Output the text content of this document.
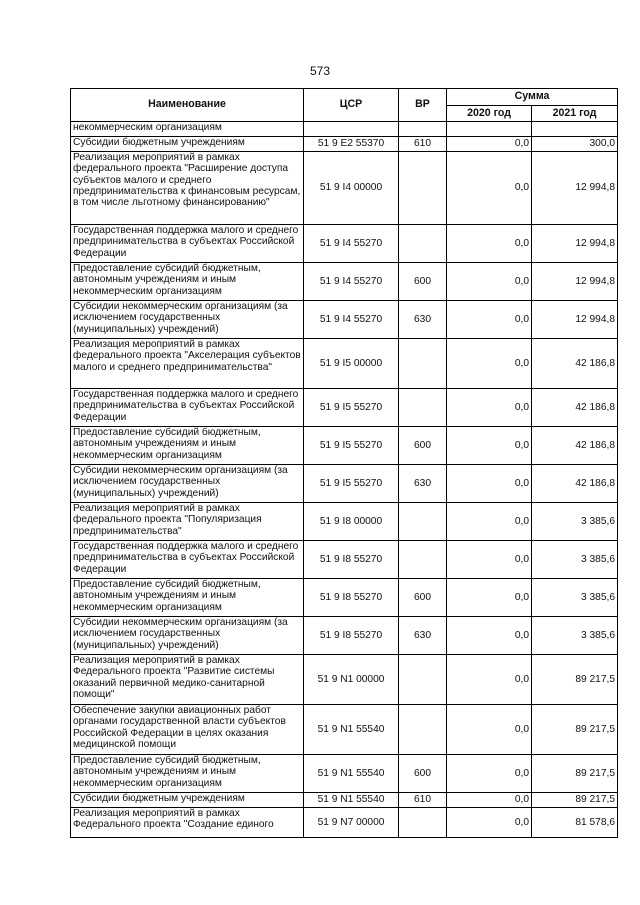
573
Наименование	ЦСР	ВР	Сумма	
			2020 год	2021 год
некоммерческим организациям				
Субсидии бюджетным учреждениям	51 9 E2 55370	610	0,0	300,0
Реализация мероприятий в рамках федерального проекта "Расширение доступа субъектов малого и среднего предпринимательства к финансовым ресурсам, в том числе льготному финансированию"	51 9 I4 00000		0,0	12 994,8
Государственная поддержка малого и среднего предпринимательства в субъектах Российской Федерации	51 9 I4 55270		0,0	12 994,8
Предоставление субсидий бюджетным, автономным учреждениям и иным некоммерческим организациям	51 9 I4 55270	600	0,0	12 994,8
Субсидии некоммерческим организациям (за исключением государственных (муниципальных) учреждений)	51 9 I4 55270	630	0,0	12 994,8
Реализация мероприятий в рамках федерального проекта "Акселерация субъектов малого и среднего предпринимательства"	51 9 I5 00000		0,0	42 186,8
Государственная поддержка малого и среднего предпринимательства в субъектах Российской Федерации	51 9 I5 55270		0,0	42 186,8
Предоставление субсидий бюджетным, автономным учреждениям и иным некоммерческим организациям	51 9 I5 55270	600	0,0	42 186,8
Субсидии некоммерческим организациям (за исключением государственных (муниципальных) учреждений)	51 9 I5 55270	630	0,0	42 186,8
Реализация мероприятий в рамках федерального проекта "Популяризация предпринимательства"	51 9 I8 00000		0,0	3 385,6
Государственная поддержка малого и среднего предпринимательства в субъектах Российской Федерации	51 9 I8 55270		0,0	3 385,6
Предоставление субсидий бюджетным, автономным учреждениям и иным некоммерческим организациям	51 9 I8 55270	600	0,0	3 385,6
Субсидии некоммерческим организациям (за исключением государственных (муниципальных) учреждений)	51 9 I8 55270	630	0,0	3 385,6
Реализация мероприятий в рамках Федерального проекта "Развитие системы оказаний первичной медико-санитарной помощи"	51 9 N1 00000		0,0	89 217,5
Обеспечение закупки авиационных работ органами государственной власти субъектов Российской Федерации в целях оказания медицинской помощи	51 9 N1 55540		0,0	89 217,5
Предоставление субсидий бюджетным, автономным учреждениям и иным некоммерческим организациям	51 9 N1 55540	600	0,0	89 217,5
Субсидии бюджетным учреждениям	51 9 N1 55540	610	0,0	89 217,5
Реализация мероприятий в рамках Федерального проекта "Создание единого	51 9 N7 00000		0,0	81 578,6
